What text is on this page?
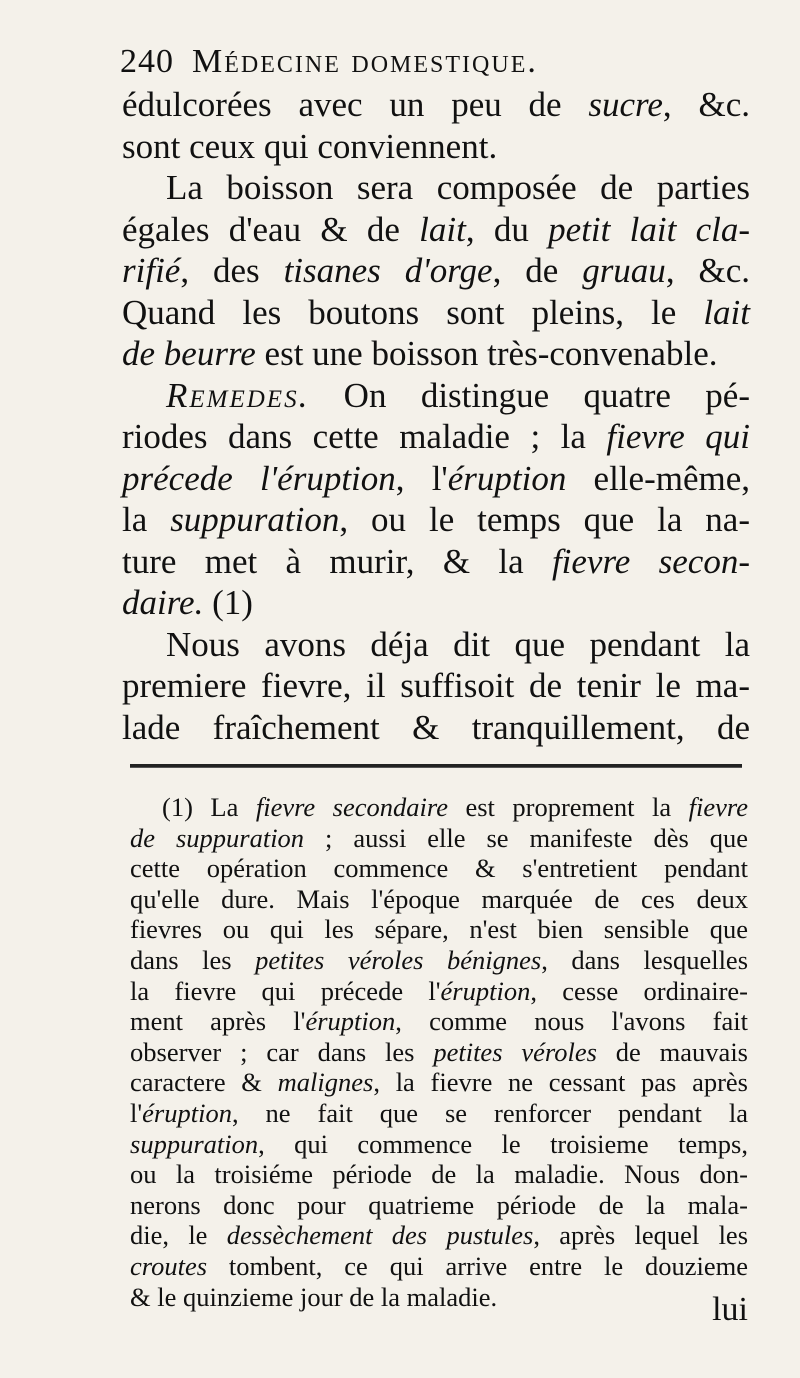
240 Médecine domestique.
édulcorées avec un peu de sucre, &c.
sont ceux qui conviennent.
La boisson sera composée de parties
égales d'eau & de lait, du petit lait cla-
rifié, des tisanes d'orge, de gruau, &c.
Quand les boutons sont pleins, le lait
de beurre est une boisson très-convenable.
Remedes. On distingue quatre pé-
riodes dans cette maladie ; la fievre qui
précede l'éruption, l'éruption elle-même,
la suppuration, ou le temps que la na-
ture met à murir, & la fievre secon-
daire. (1)
Nous avons déja dit que pendant la
premiere fievre, il suffisoit de tenir le ma-
lade fraîchement & tranquillement, de
(1) La fievre secondaire est proprement la fievre
de suppuration ; aussi elle se manifeste dès que
cette opération commence & s'entretient pendant
qu'elle dure. Mais l'époque marquée de ces deux
fievres ou qui les sépare, n'est bien sensible que
dans les petites véroles bénignes, dans lesquelles
la fievre qui précede l'éruption, cesse ordinaire-
ment après l'éruption, comme nous l'avons fait
observer ; car dans les petites véroles de mauvais
caractere & malignes, la fievre ne cessant pas après
l'éruption, ne fait que se renforcer pendant la
suppuration, qui commence le troisieme temps,
ou la troisiéme période de la maladie. Nous don-
nerons donc pour quatrieme période de la mala-
die, le dessèchement des pustules, après lequel les
croutes tombent, ce qui arrive entre le douzieme
& le quinzieme jour de la maladie.	lui
